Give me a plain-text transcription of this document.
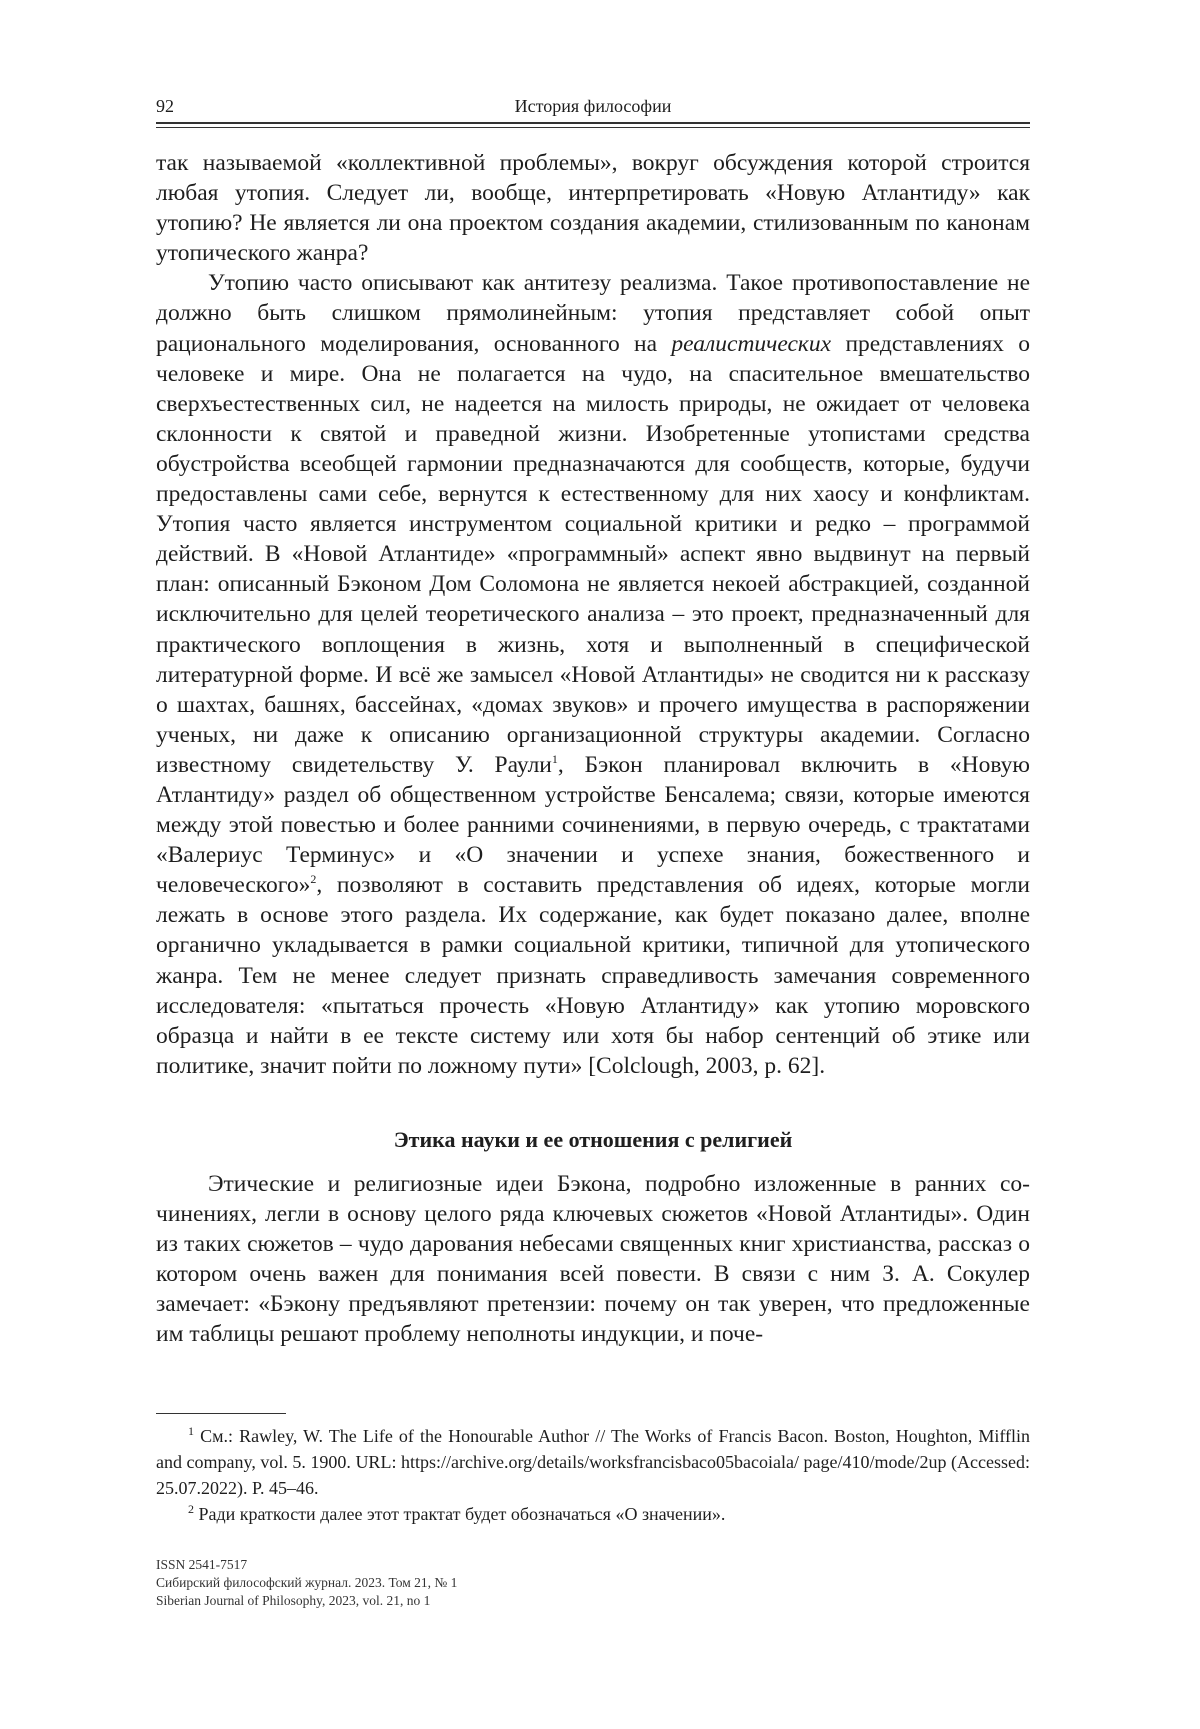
92	История философии

так называемой «коллективной проблемы», вокруг обсуждения которой строится любая утопия. Следует ли, вообще, интерпретировать «Новую Атлантиду» как утопию? Не является ли она проектом создания академии, стилизованным по канонам утопического жанра?

Утопию часто описывают как антитезу реализма. Такое противопоставление не должно быть слишком прямолинейным: утопия представляет собой опыт рационального моделирования, основанного на реалистических представлениях о человеке и мире. Она не полагается на чудо, на спасительное вмешательство сверхъестественных сил, не надеется на милость природы, не ожидает от человека склонности к святой и праведной жизни. Изобретенные утопистами средства обустройства всеобщей гармонии предназначаются для сообществ, которые, будучи предоставлены сами себе, вернутся к естественному для них хаосу и конфликтам. Утопия часто является инструментом социальной критики и редко – программой действий. В «Новой Атлантиде» «программный» аспект явно выдвинут на первый план: описанный Бэконом Дом Соломона не является некоей абстракцией, созданной исключительно для целей теоретического анализа – это проект, предназначенный для практического воплощения в жизнь, хотя и выполненный в специфической литературной форме. И всё же замысел «Новой Атлантиды» не сводится ни к рассказу о шахтах, башнях, бассейнах, «домах звуков» и прочего имущества в распоряжении ученых, ни даже к описанию организационной структуры академии. Согласно известному свидетельству У. Раули$^1$, Бэкон планировал включить в «Новую Атлантиду» раздел об общественном устройстве Бенсалема; связи, которые имеются между этой повестью и более ранними сочинениями, в первую очередь, с трактатами «Валериус Терминус» и «О значении и успехе знания, божественного и человеческого»$^2$, позволяют в составить представления об идеях, которые могли лежать в основе этого раздела. Их содержание, как будет показано далее, вполне органично укладывается в рамки социальной критики, типичной для утопического жанра. Тем не менее следует признать справедливость замечания современного исследователя: «пытаться прочесть «Новую Атлантиду» как утопию моровского образца и найти в ее тексте систему или хотя бы набор сентенций об этике или политике, значит пойти по ложному пути» [Colclough, 2003, p. 62].

Этика науки и ее отношения с религией

Этические и религиозные идеи Бэкона, подробно изложенные в ранних сочинениях, легли в основу целого ряда ключевых сюжетов «Новой Атлантиды». Один из таких сюжетов – чудо дарования небесами священных книг христианства, рассказ о котором очень важен для понимания всей повести. В связи с ним З. А. Сокулер замечает: «Бэкону предъявляют претензии: почему он так уверен, что предложенные им таблицы решают проблему неполноты индукции, и поче-

$^1$ См.: Rawley, W. The Life of the Honourable Author // The Works of Francis Bacon. Boston, Houghton, Mifflin and company, vol. 5. 1900. URL: https://archive.org/details/worksfrancisbaco05bacoiala/ page/410/mode/2up (Accessed: 25.07.2022). P. 45–46.

$^2$ Ради краткости далее этот трактат будет обозначаться «О значении».

ISSN 2541-7517
Сибирский философский журнал. 2023. Том 21, № 1
Siberian Journal of Philosophy, 2023, vol. 21, no 1
